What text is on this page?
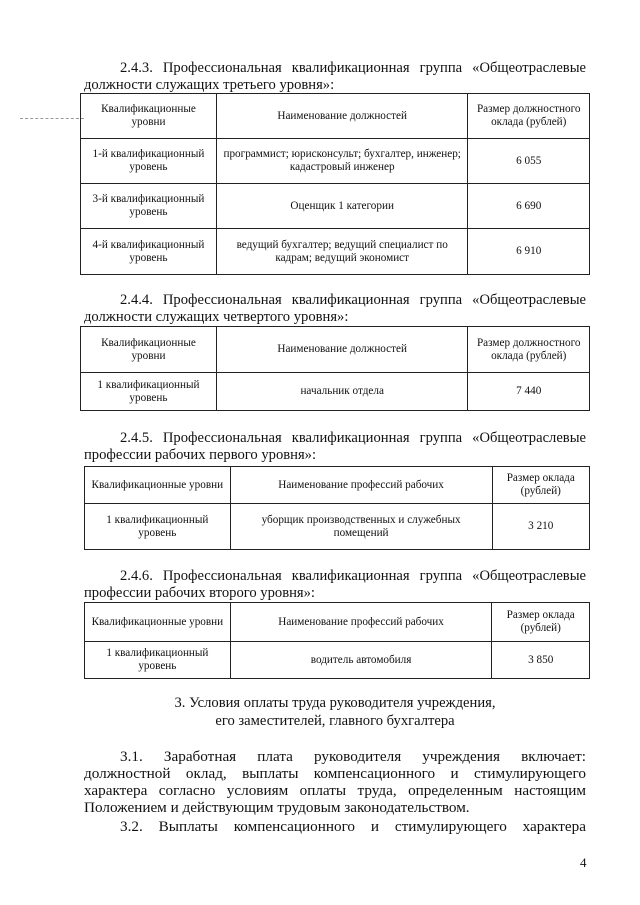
2.4.3. Профессиональная квалификационная группа «Общеотраслевые должности служащих третьего уровня»:
Квалификационные уровни	Наименование должностей	Размер должностного оклада (рублей)
1-й квалификационный уровень	программист; юрисконсульт; бухгалтер, инженер; кадастровый инженер	6 055
3-й квалификационный уровень	Оценщик 1 категории	6 690
4-й квалификационный уровень	ведущий бухгалтер; ведущий специалист по кадрам; ведущий экономист	6 910
2.4.4. Профессиональная квалификационная группа «Общеотраслевые должности служащих четвертого уровня»:
Квалификационные уровни	Наименование должностей	Размер должностного оклада (рублей)
1 квалификационный уровень	начальник отдела	7 440
2.4.5. Профессиональная квалификационная группа «Общеотраслевые профессии рабочих первого уровня»:
Квалификационные уровни	Наименование профессий рабочих	Размер оклада (рублей)
1 квалификационный уровень	уборщик производственных и служебных помещений	3 210
2.4.6. Профессиональная квалификационная группа «Общеотраслевые профессии рабочих второго уровня»:
Квалификационные уровни	Наименование профессий рабочих	Размер оклада (рублей)
1 квалификационный уровень	водитель автомобиля	3 850
3. Условия оплаты труда руководителя учреждения,
его заместителей, главного бухгалтера
3.1. Заработная плата руководителя учреждения включает: должностной оклад, выплаты компенсационного и стимулирующего характера согласно условиям оплаты труда, определенным настоящим Положением и действующим трудовым законодательством.
3.2. Выплаты компенсационного и стимулирующего характера
4
